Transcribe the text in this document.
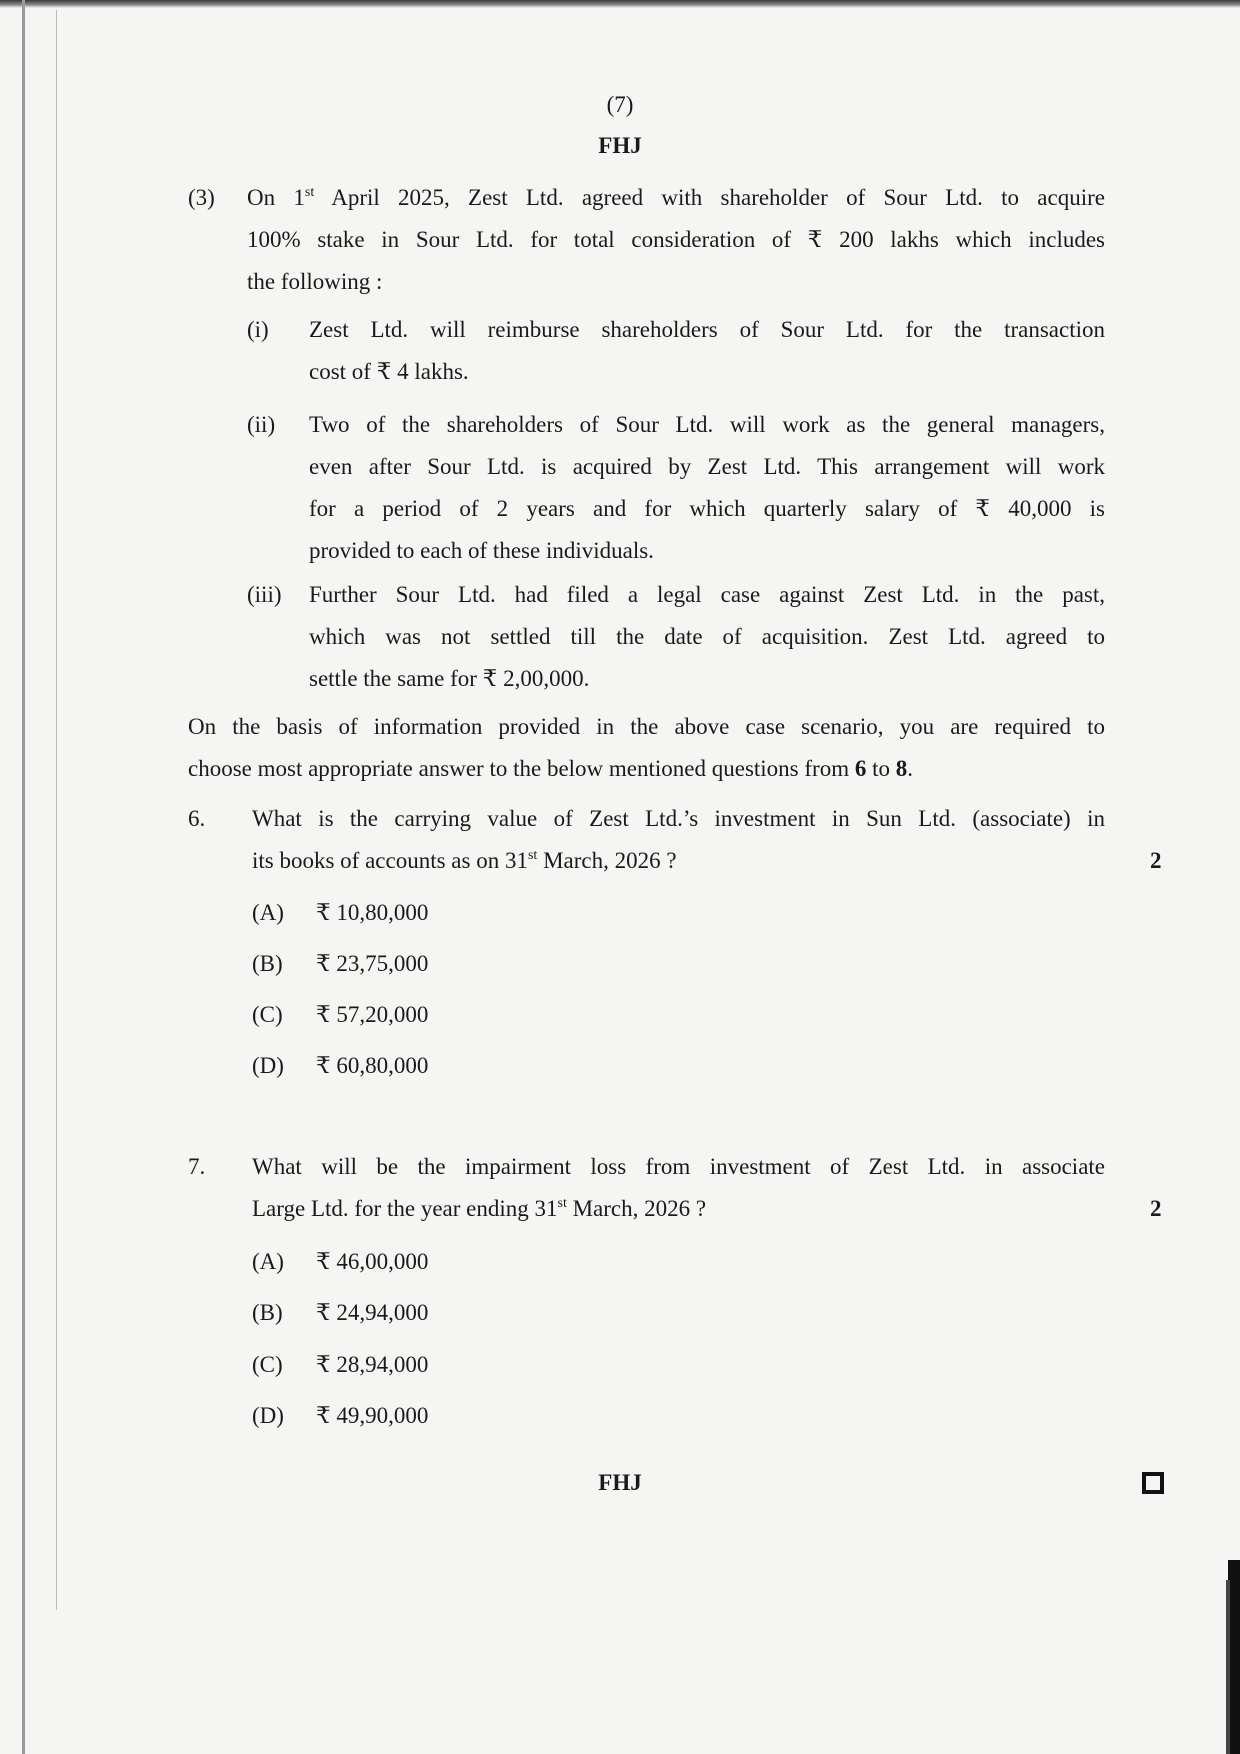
(7)
FHJ
(3) On 1st April 2025, Zest Ltd. agreed with shareholder of Sour Ltd. to acquire
100% stake in Sour Ltd. for total consideration of ₹ 200 lakhs which includes
the following :
(i) Zest Ltd. will reimburse shareholders of Sour Ltd. for the transaction
cost of ₹ 4 lakhs.
(ii) Two of the shareholders of Sour Ltd. will work as the general managers,
even after Sour Ltd. is acquired by Zest Ltd. This arrangement will work
for a period of 2 years and for which quarterly salary of ₹ 40,000 is
provided to each of these individuals.
(iii) Further Sour Ltd. had filed a legal case against Zest Ltd. in the past,
which was not settled till the date of acquisition. Zest Ltd. agreed to
settle the same for ₹ 2,00,000.
On the basis of information provided in the above case scenario, you are required to
choose most appropriate answer to the below mentioned questions from 6 to 8.
6. What is the carrying value of Zest Ltd.’s investment in Sun Ltd. (associate) in
its books of accounts as on 31st March, 2026 ?	2
(A) ₹ 10,80,000
(B) ₹ 23,75,000
(C) ₹ 57,20,000
(D) ₹ 60,80,000
7. What will be the impairment loss from investment of Zest Ltd. in associate
Large Ltd. for the year ending 31st March, 2026 ?	2
(A) ₹ 46,00,000
(B) ₹ 24,94,000
(C) ₹ 28,94,000
(D) ₹ 49,90,000
FHJ
